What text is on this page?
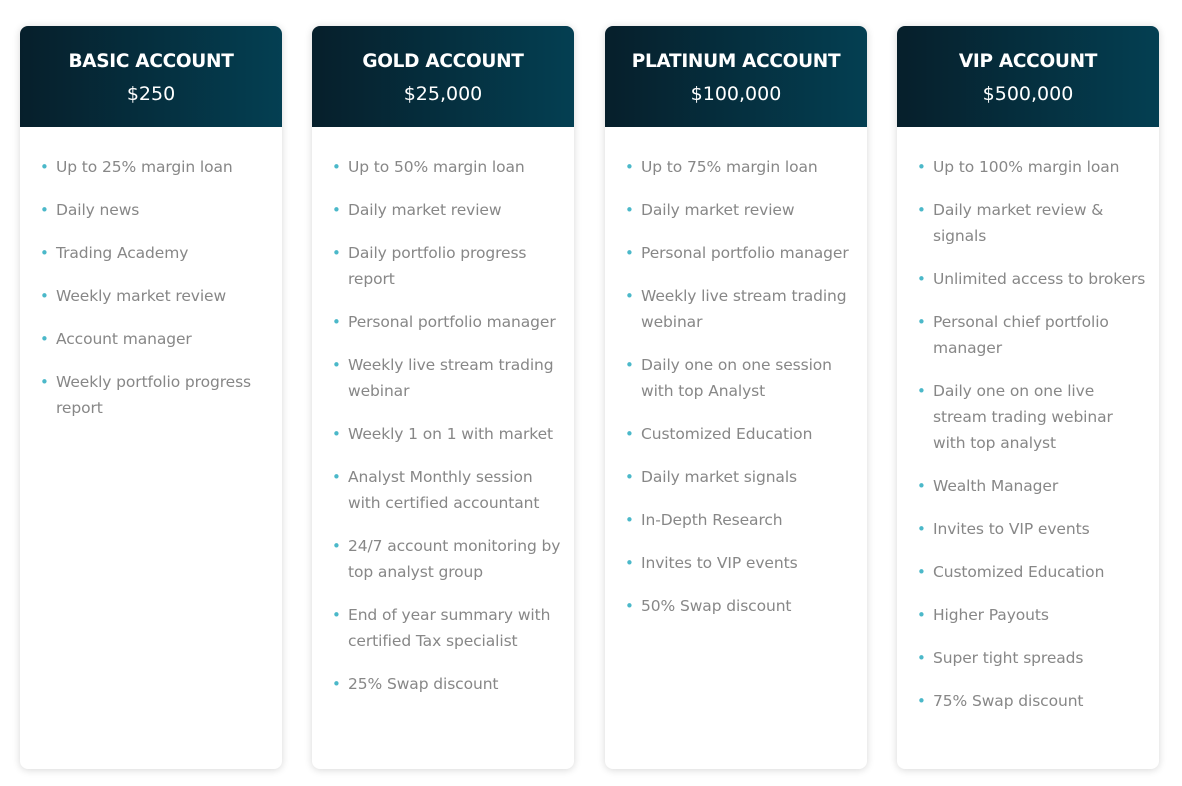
BASIC ACCOUNT
$250
• Up to 25% margin loan
• Daily news
• Trading Academy
• Weekly market review
• Account manager
• Weekly portfolio progress report
GOLD ACCOUNT
$25,000
• Up to 50% margin loan
• Daily market review
• Daily portfolio progress report
• Personal portfolio manager
• Weekly live stream trading webinar
• Weekly 1 on 1 with market
• Analyst Monthly session with certified accountant
• 24/7 account monitoring by top analyst group
• End of year summary with certified Tax specialist
• 25% Swap discount
PLATINUM ACCOUNT
$100,000
• Up to 75% margin loan
• Daily market review
• Personal portfolio manager
• Weekly live stream trading webinar
• Daily one on one session with top Analyst
• Customized Education
• Daily market signals
• In-Depth Research
• Invites to VIP events
• 50% Swap discount
VIP ACCOUNT
$500,000
• Up to 100% margin loan
• Daily market review & signals
• Unlimited access to brokers
• Personal chief portfolio manager
• Daily one on one live stream trading webinar with top analyst
• Wealth Manager
• Invites to VIP events
• Customized Education
• Higher Payouts
• Super tight spreads
• 75% Swap discount
